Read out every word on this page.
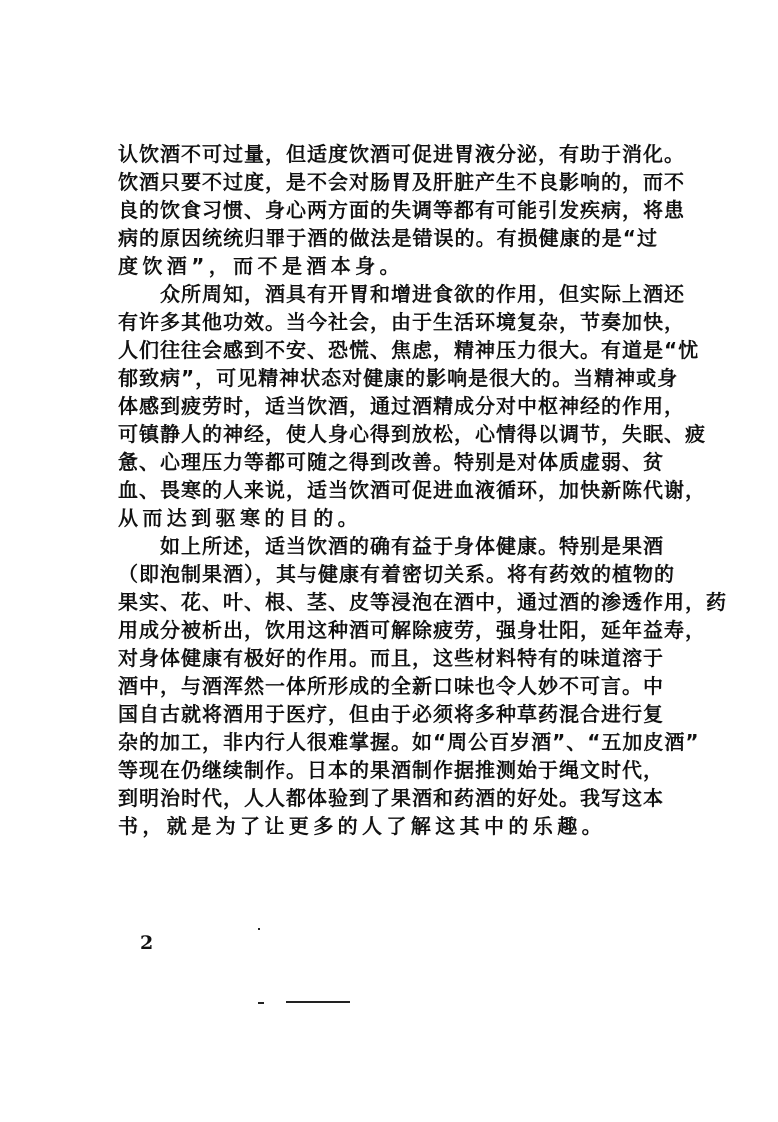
认饮酒不可过量，但适度饮酒可促进胃液分泌，有助于消化。
饮酒只要不过度，是不会对肠胃及肝脏产生不良影响的，而不
良的饮食习惯、身心两方面的失调等都有可能引发疾病，将患
病的原因统统归罪于酒的做法是错误的。有损健康的是“过
度饮酒”，而不是酒本身。
　　众所周知，酒具有开胃和增进食欲的作用，但实际上酒还
有许多其他功效。当今社会，由于生活环境复杂，节奏加快，
人们往往会感到不安、恐慌、焦虑，精神压力很大。有道是“忧
郁致病”，可见精神状态对健康的影响是很大的。当精神或身
体感到疲劳时，适当饮酒，通过酒精成分对中枢神经的作用，
可镇静人的神经，使人身心得到放松，心情得以调节，失眠、疲
惫、心理压力等都可随之得到改善。特别是对体质虚弱、贫
血、畏寒的人来说，适当饮酒可促进血液循环，加快新陈代谢，
从而达到驱寒的目的。
　　如上所述，适当饮酒的确有益于身体健康。特别是果酒
（即泡制果酒），其与健康有着密切关系。将有药效的植物的
果实、花、叶、根、茎、皮等浸泡在酒中，通过酒的渗透作用，药
用成分被析出，饮用这种酒可解除疲劳，强身壮阳，延年益寿，
对身体健康有极好的作用。而且，这些材料特有的味道溶于
酒中，与酒浑然一体所形成的全新口味也令人妙不可言。中
国自古就将酒用于医疗，但由于必须将多种草药混合进行复
杂的加工，非内行人很难掌握。如“周公百岁酒”、“五加皮酒”
等现在仍继续制作。日本的果酒制作据推测始于绳文时代，
到明治时代，人人都体验到了果酒和药酒的好处。我写这本
书，就是为了让更多的人了解这其中的乐趣。
2
